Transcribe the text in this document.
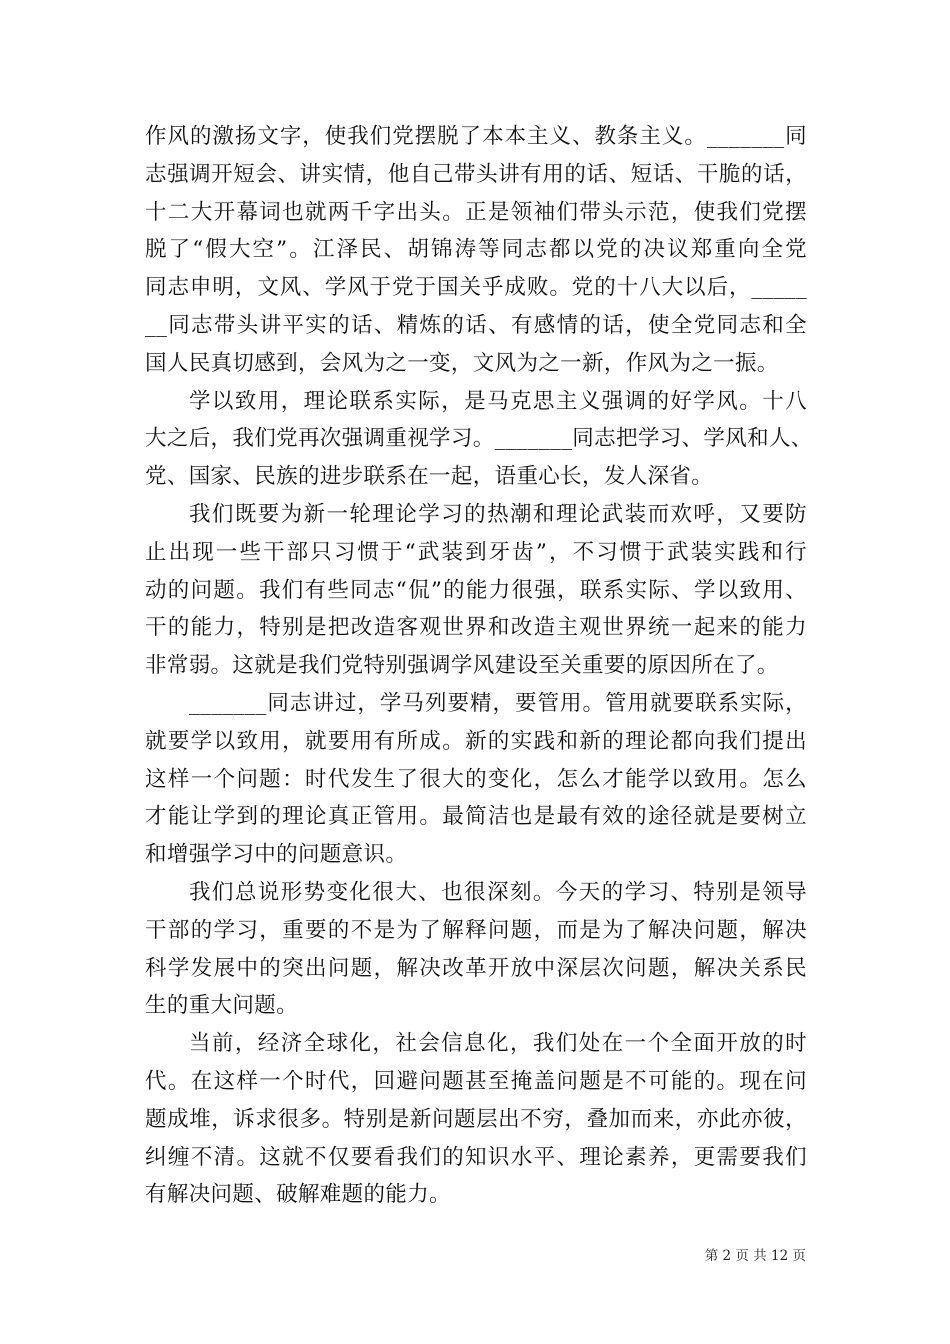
作风的激扬文字，使我们党摆脱了本本主义、教条主义。_______同
志强调开短会、讲实情，他自己带头讲有用的话、短话、干脆的话，
十二大开幕词也就两千字出头。正是领袖们带头示范，使我们党摆
脱了“假大空”。江泽民、胡锦涛等同志都以党的决议郑重向全党
同志申明，文风、学风于党于国关乎成败。党的十八大以后，_____
__同志带头讲平实的话、精炼的话、有感情的话，使全党同志和全
国人民真切感到，会风为之一变，文风为之一新，作风为之一振。
学以致用，理论联系实际，是马克思主义强调的好学风。十八
大之后，我们党再次强调重视学习。_______同志把学习、学风和人、
党、国家、民族的进步联系在一起，语重心长，发人深省。
我们既要为新一轮理论学习的热潮和理论武装而欢呼，又要防
止出现一些干部只习惯于“武装到牙齿”，不习惯于武装实践和行
动的问题。我们有些同志“侃”的能力很强，联系实际、学以致用、
干的能力，特别是把改造客观世界和改造主观世界统一起来的能力
非常弱。这就是我们党特别强调学风建设至关重要的原因所在了。
_______同志讲过，学马列要精，要管用。管用就要联系实际，
就要学以致用，就要用有所成。新的实践和新的理论都向我们提出
这样一个问题：时代发生了很大的变化，怎么才能学以致用。怎么
才能让学到的理论真正管用。最简洁也是最有效的途径就是要树立
和增强学习中的问题意识。
我们总说形势变化很大、也很深刻。今天的学习、特别是领导
干部的学习，重要的不是为了解释问题，而是为了解决问题，解决
科学发展中的突出问题，解决改革开放中深层次问题，解决关系民
生的重大问题。
当前，经济全球化，社会信息化，我们处在一个全面开放的时
代。在这样一个时代，回避问题甚至掩盖问题是不可能的。现在问
题成堆，诉求很多。特别是新问题层出不穷，叠加而来，亦此亦彼，
纠缠不清。这就不仅要看我们的知识水平、理论素养，更需要我们
有解决问题、破解难题的能力。
第 2 页 共 12 页
